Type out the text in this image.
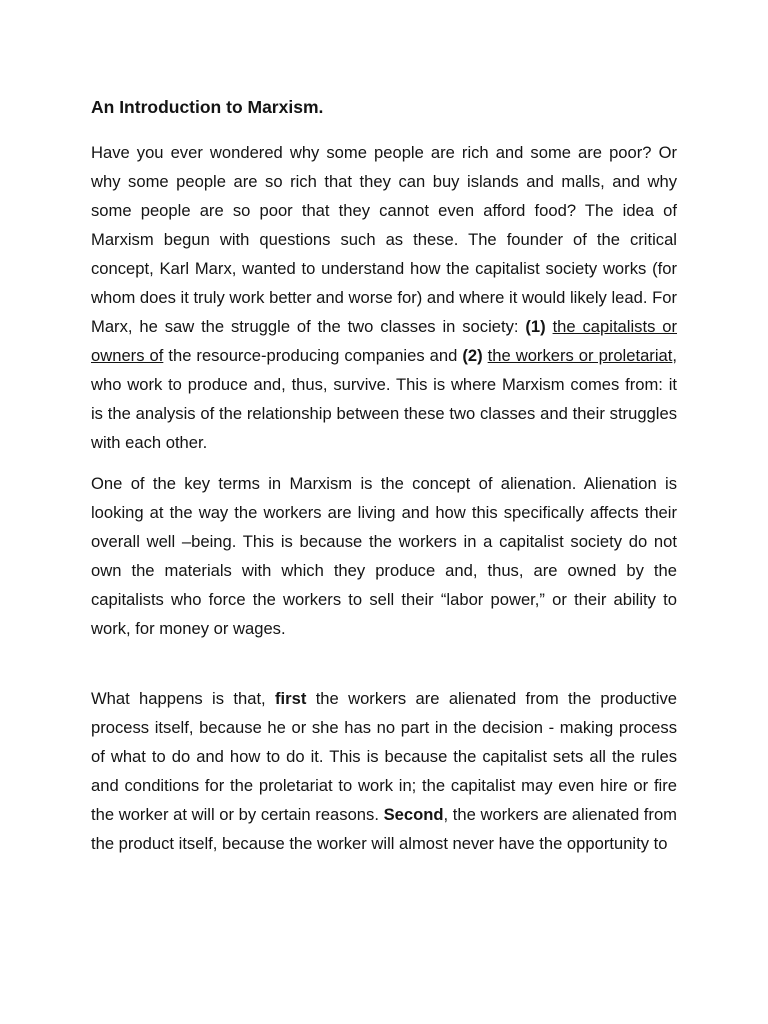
An Introduction to Marxism.

Have you ever wondered why some people are rich and some are poor? Or why some people are so rich that they can buy islands and malls, and why some people are so poor that they cannot even afford food? The idea of Marxism begun with questions such as these. The founder of the critical concept, Karl Marx, wanted to understand how the capitalist society works (for whom does it truly work better and worse for) and where it would likely lead. For Marx, he saw the struggle of the two classes in society: (1) the capitalists or owners of the resource-producing companies and (2) the workers or proletariat, who work to produce and, thus, survive. This is where Marxism comes from: it is the analysis of the relationship between these two classes and their struggles with each other.

One of the key terms in Marxism is the concept of alienation. Alienation is looking at the way the workers are living and how this specifically affects their overall well –being. This is because the workers in a capitalist society do not own the materials with which they produce and, thus, are owned by the capitalists who force the workers to sell their “labor power,” or their ability to work, for money or wages.

What happens is that, first the workers are alienated from the productive process itself, because he or she has no part in the decision - making process of what to do and how to do it. This is because the capitalist sets all the rules and conditions for the proletariat to work in; the capitalist may even hire or fire the worker at will or by certain reasons. Second, the workers are alienated from the product itself, because the worker will almost never have the opportunity to
